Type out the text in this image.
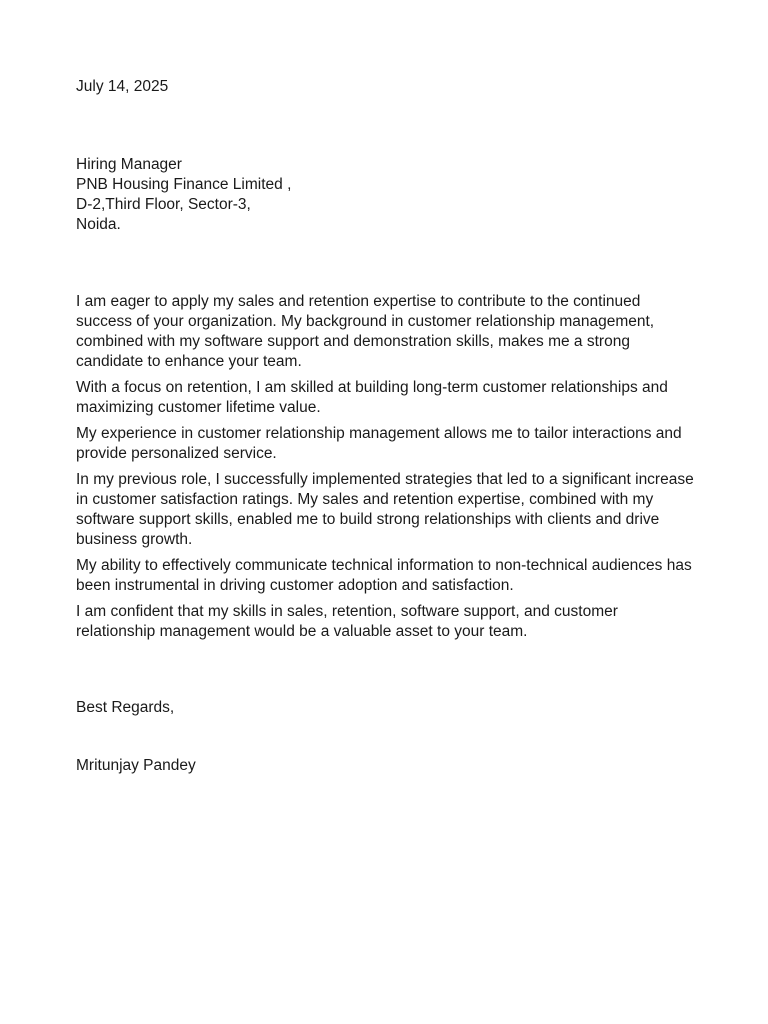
July 14, 2025

Hiring Manager
PNB Housing Finance Limited ,
D-2,Third Floor, Sector-3,
Noida.

I am eager to apply my sales and retention expertise to contribute to the continued success of your organization. My background in customer relationship management, combined with my software support and demonstration skills, makes me a strong candidate to enhance your team.

With a focus on retention, I am skilled at building long-term customer relationships and maximizing customer lifetime value.

My experience in customer relationship management allows me to tailor interactions and provide personalized service.

In my previous role, I successfully implemented strategies that led to a significant increase in customer satisfaction ratings. My sales and retention expertise, combined with my software support skills, enabled me to build strong relationships with clients and drive business growth.

My ability to effectively communicate technical information to non-technical audiences has been instrumental in driving customer adoption and satisfaction.

I am confident that my skills in sales, retention, software support, and customer relationship management would be a valuable asset to your team.

Best Regards,

Mritunjay Pandey
